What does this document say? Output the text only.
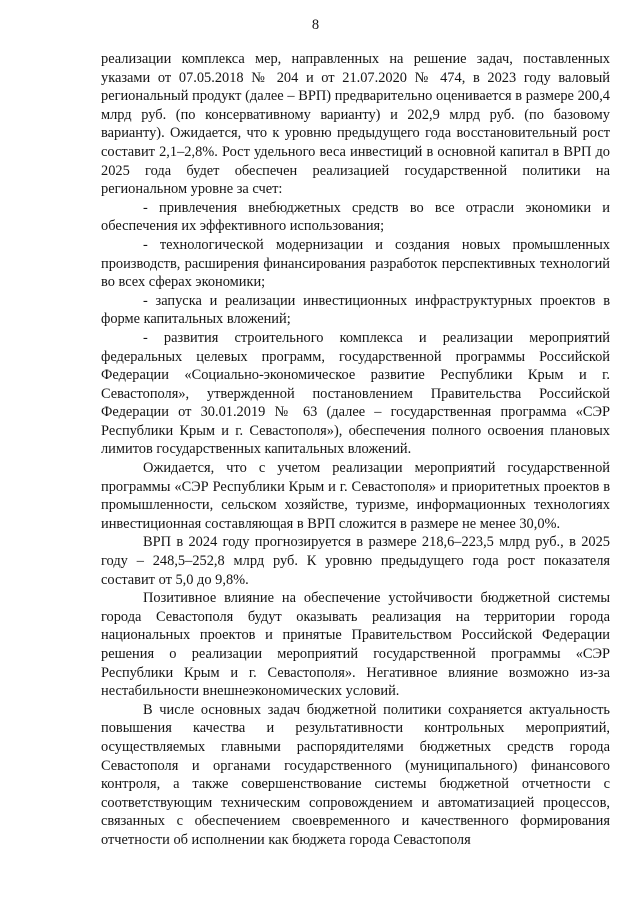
8

реализации комплекса мер, направленных на решение задач, поставленных указами от 07.05.2018 № 204 и от 21.07.2020 № 474, в 2023 году валовый региональный продукт (далее – ВРП) предварительно оценивается в размере 200,4 млрд руб. (по консервативному варианту) и 202,9 млрд руб. (по базовому варианту). Ожидается, что к уровню предыдущего года восстановительный рост составит 2,1–2,8%. Рост удельного веса инвестиций в основной капитал в ВРП до 2025 года будет обеспечен реализацией государственной политики на региональном уровне за счет:

- привлечения внебюджетных средств во все отрасли экономики и обеспечения их эффективного использования;

- технологической модернизации и создания новых промышленных производств, расширения финансирования разработок перспективных технологий во всех сферах экономики;

- запуска и реализации инвестиционных инфраструктурных проектов в форме капитальных вложений;

- развития строительного комплекса и реализации мероприятий федеральных целевых программ, государственной программы Российской Федерации «Социально-экономическое развитие Республики Крым и г. Севастополя», утвержденной постановлением Правительства Российской Федерации от 30.01.2019 № 63 (далее – государственная программа «СЭР Республики Крым и г. Севастополя»), обеспечения полного освоения плановых лимитов государственных капитальных вложений.

Ожидается, что с учетом реализации мероприятий государственной программы «СЭР Республики Крым и г. Севастополя» и приоритетных проектов в промышленности, сельском хозяйстве, туризме, информационных технологиях инвестиционная составляющая в ВРП сложится в размере не менее 30,0%.

ВРП в 2024 году прогнозируется в размере 218,6–223,5 млрд руб., в 2025 году – 248,5–252,8 млрд руб. К уровню предыдущего года рост показателя составит от 5,0 до 9,8%.

Позитивное влияние на обеспечение устойчивости бюджетной системы города Севастополя будут оказывать реализация на территории города национальных проектов и принятые Правительством Российской Федерации решения о реализации мероприятий государственной программы «СЭР Республики Крым и г. Севастополя». Негативное влияние возможно из-за нестабильности внешнеэкономических условий.

В числе основных задач бюджетной политики сохраняется актуальность повышения качества и результативности контрольных мероприятий, осуществляемых главными распорядителями бюджетных средств города Севастополя и органами государственного (муниципального) финансового контроля, а также совершенствование системы бюджетной отчетности с соответствующим техническим сопровождением и автоматизацией процессов, связанных с обеспечением своевременного и качественного формирования отчетности об исполнении как бюджета города Севастополя
